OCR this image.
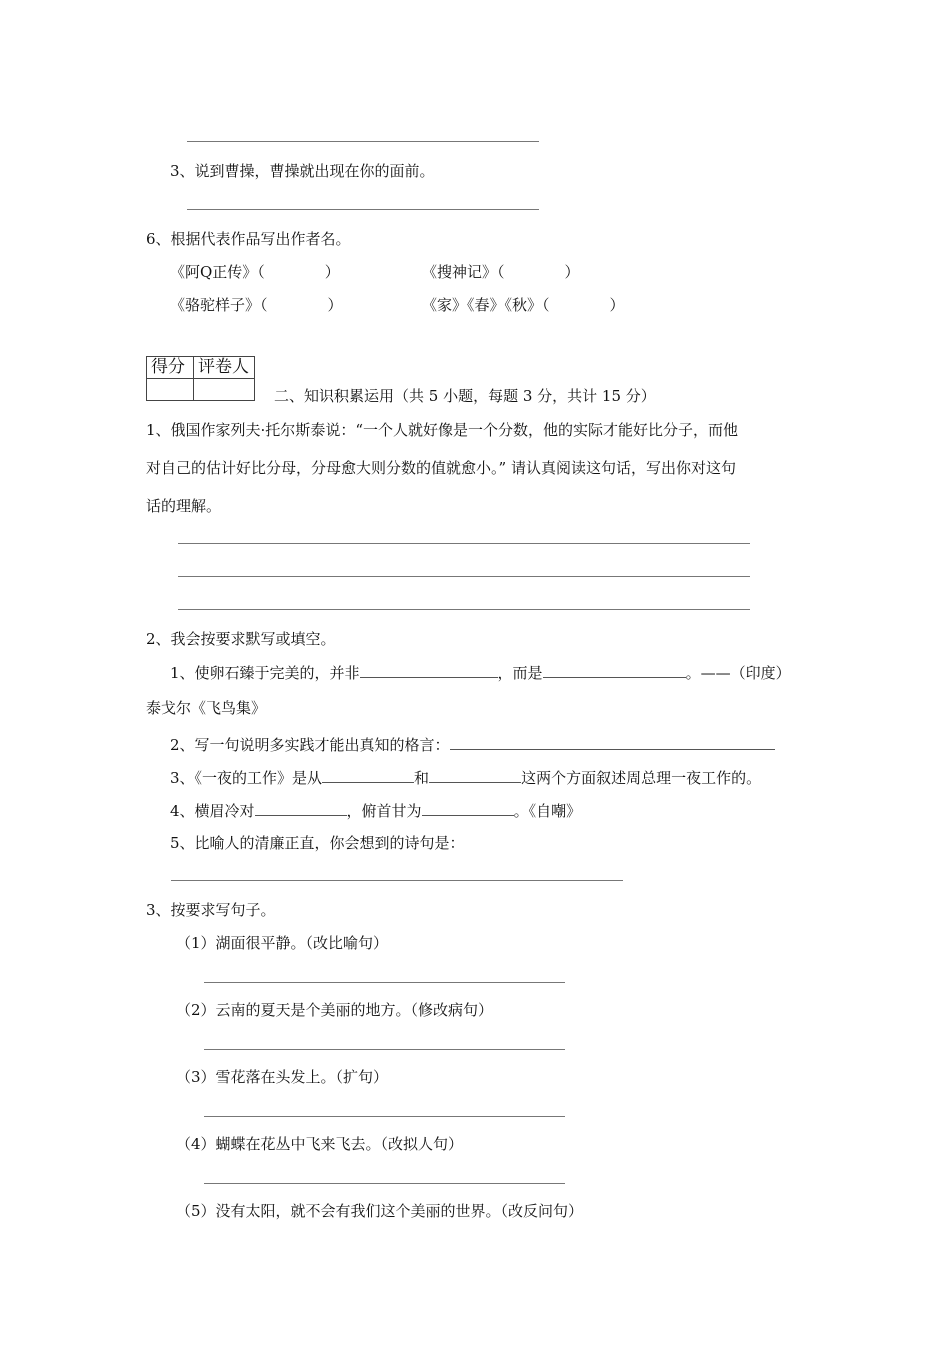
3、说到曹操，曹操就出现在你的面前。
6、根据代表作品写出作者名。
《阿Q正传》（　　　　）	《搜神记》（　　　　）
《骆驼样子》（　　　　）	《家》《春》《秋》（　　　　）
得分	评卷人

二、知识积累运用（共 5 小题，每题 3 分，共计 15 分）
1、俄国作家列夫·托尔斯泰说：“一个人就好像是一个分数，他的实际才能好比分子，而他
对自己的估计好比分母，分母愈大则分数的值就愈小。” 请认真阅读这句话，写出你对这句
话的理解。
2、我会按要求默写或填空。
1、使卵石臻于完美的，并非	，而是	。——（印度）
泰戈尔《飞鸟集》
2、写一句说明多实践才能出真知的格言：
3、《一夜的工作》是从	和	这两个方面叙述周总理一夜工作的。
4、横眉冷对	，俯首甘为	。《自嘲》
5、比喻人的清廉正直，你会想到的诗句是：
3、按要求写句子。
（1）湖面很平静。（改比喻句）
（2）云南的夏天是个美丽的地方。（修改病句）
（3）雪花落在头发上。（扩句）
（4）蝴蝶在花丛中飞来飞去。（改拟人句）
（5）没有太阳，就不会有我们这个美丽的世界。（改反问句）
